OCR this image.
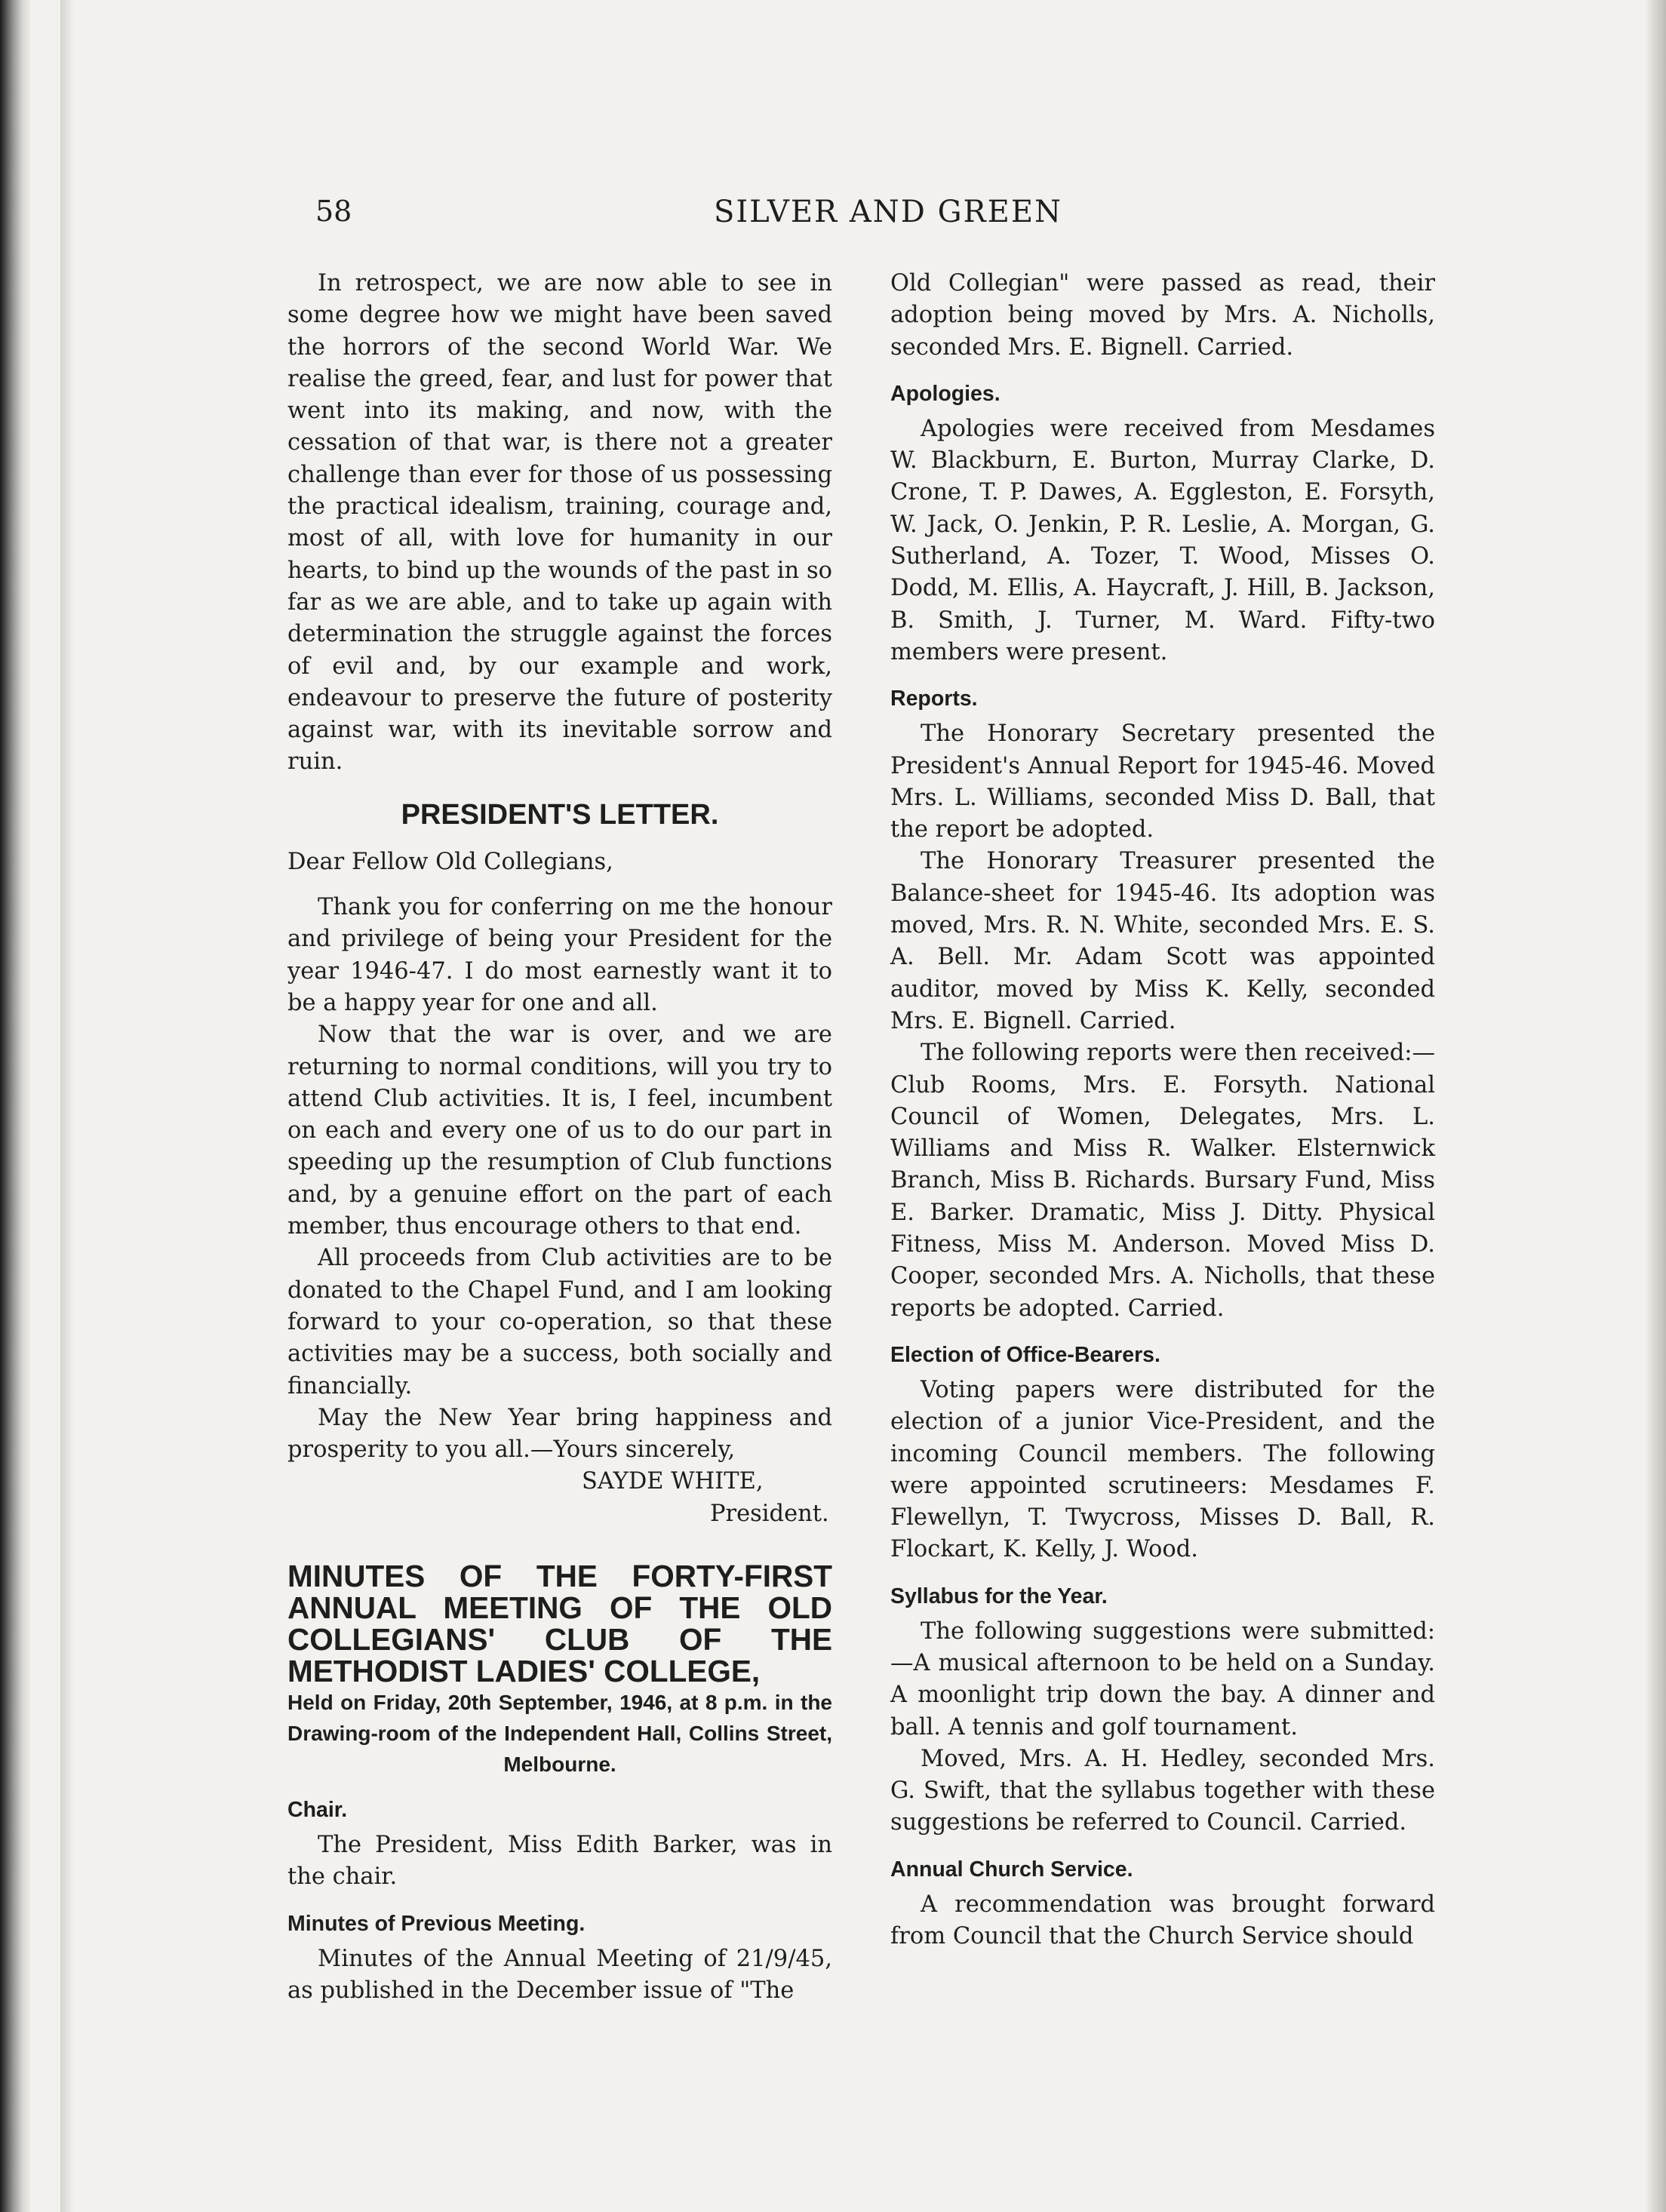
58	SILVER AND GREEN

In retrospect, we are now able to see in some degree how we might have been saved the horrors of the second World War. We realise the greed, fear, and lust for power that went into its making, and now, with the cessation of that war, is there not a greater challenge than ever for those of us possessing the practical idealism, training, courage and, most of all, with love for humanity in our hearts, to bind up the wounds of the past in so far as we are able, and to take up again with determination the struggle against the forces of evil and, by our example and work, endeavour to preserve the future of posterity against war, with its inevitable sorrow and ruin.

PRESIDENT'S LETTER.

Dear Fellow Old Collegians,

Thank you for conferring on me the honour and privilege of being your President for the year 1946-47. I do most earnestly want it to be a happy year for one and all.

Now that the war is over, and we are returning to normal conditions, will you try to attend Club activities. It is, I feel, incumbent on each and every one of us to do our part in speeding up the resumption of Club functions and, by a genuine effort on the part of each member, thus encourage others to that end.

All proceeds from Club activities are to be donated to the Chapel Fund, and I am looking forward to your co-operation, so that these activities may be a success, both socially and financially.

May the New Year bring happiness and prosperity to you all.—Yours sincerely,

SAYDE WHITE,
President.
MINUTES OF THE FORTY-FIRST ANNUAL MEETING OF THE OLD COLLEGIANS' CLUB OF THE METHODIST LADIES' COLLEGE,
Held on Friday, 20th September, 1946, at 8 p.m. in the Drawing-room of the Independent Hall, Collins Street, Melbourne.
Chair.

The President, Miss Edith Barker, was in the chair.

Minutes of Previous Meeting.

Minutes of the Annual Meeting of 21/9/45, as published in the December issue of "The

Old Collegian" were passed as read, their adoption being moved by Mrs. A. Nicholls, seconded Mrs. E. Bignell. Carried.

Apologies.

Apologies were received from Mesdames W. Blackburn, E. Burton, Murray Clarke, D. Crone, T. P. Dawes, A. Eggleston, E. Forsyth, W. Jack, O. Jenkin, P. R. Leslie, A. Morgan, G. Sutherland, A. Tozer, T. Wood, Misses O. Dodd, M. Ellis, A. Haycraft, J. Hill, B. Jackson, B. Smith, J. Turner, M. Ward. Fifty-two members were present.

Reports.

The Honorary Secretary presented the President's Annual Report for 1945-46. Moved Mrs. L. Williams, seconded Miss D. Ball, that the report be adopted.

The Honorary Treasurer presented the Balance-sheet for 1945-46. Its adoption was moved, Mrs. R. N. White, seconded Mrs. E. S. A. Bell. Mr. Adam Scott was appointed auditor, moved by Miss K. Kelly, seconded Mrs. E. Bignell. Carried.

The following reports were then received:—Club Rooms, Mrs. E. Forsyth. National Council of Women, Delegates, Mrs. L. Williams and Miss R. Walker. Elsternwick Branch, Miss B. Richards. Bursary Fund, Miss E. Barker. Dramatic, Miss J. Ditty. Physical Fitness, Miss M. Anderson. Moved Miss D. Cooper, seconded Mrs. A. Nicholls, that these reports be adopted. Carried.

Election of Office-Bearers.

Voting papers were distributed for the election of a junior Vice-President, and the incoming Council members. The following were appointed scrutineers: Mesdames F. Flewellyn, T. Twycross, Misses D. Ball, R. Flockart, K. Kelly, J. Wood.

Syllabus for the Year.

The following suggestions were submitted:—A musical afternoon to be held on a Sunday. A moonlight trip down the bay. A dinner and ball. A tennis and golf tournament.

Moved, Mrs. A. H. Hedley, seconded Mrs. G. Swift, that the syllabus together with these suggestions be referred to Council. Carried.

Annual Church Service.

A recommendation was brought forward from Council that the Church Service should
